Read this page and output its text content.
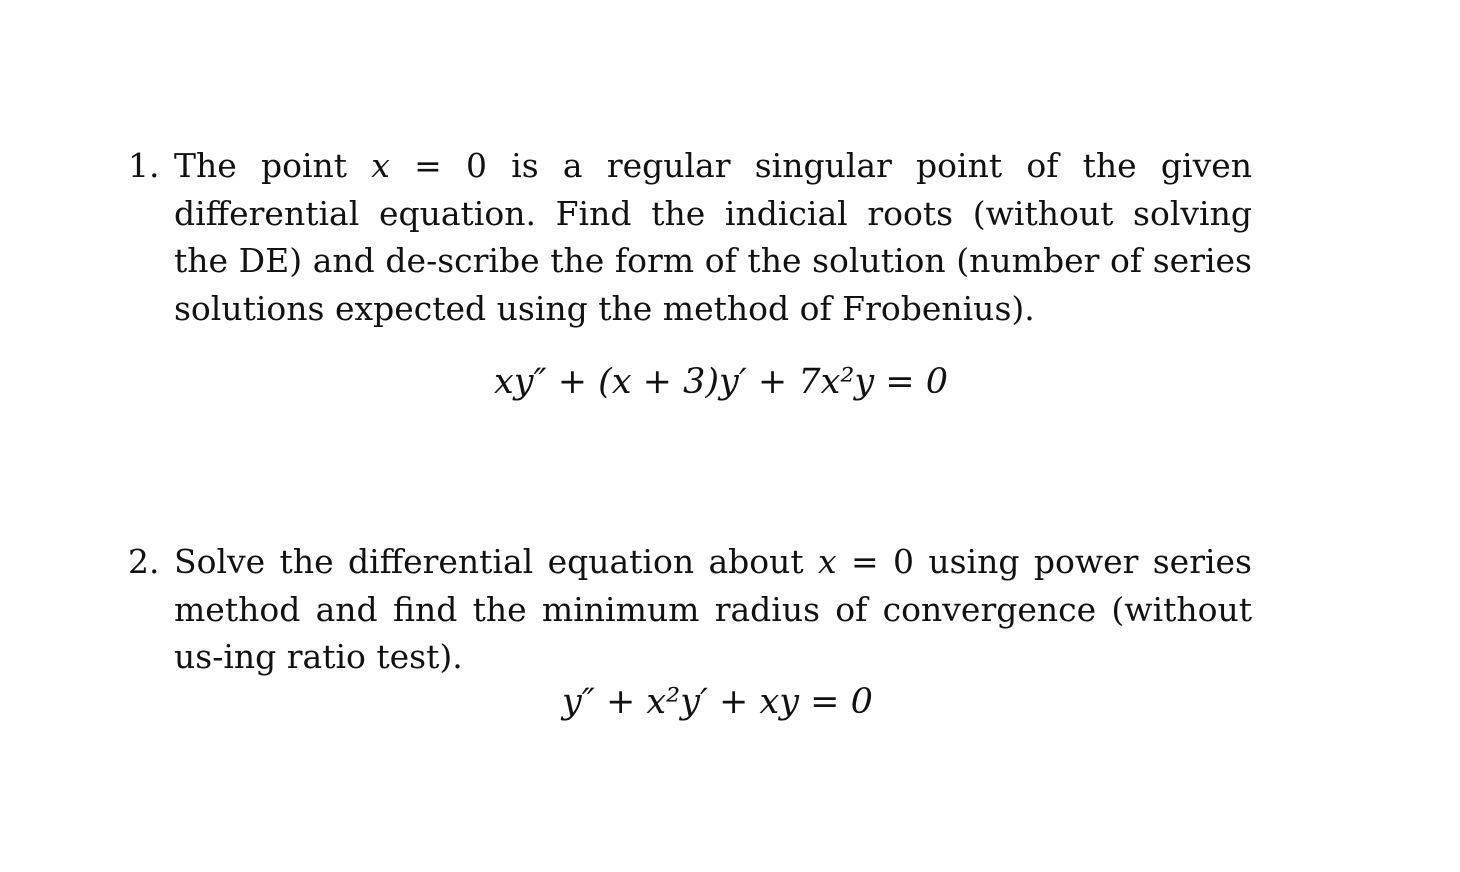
1. The point x = 0 is a regular singular point of the given differential equation. Find the indicial roots (without solving the DE) and de-scribe the form of the solution (number of series solutions expected using the method of Frobenius).
xy″ + (x + 3)y′ + 7x²y = 0
2. Solve the differential equation about x = 0 using power series method and find the minimum radius of convergence (without us-ing ratio test).
y″ + x²y′ + xy = 0
